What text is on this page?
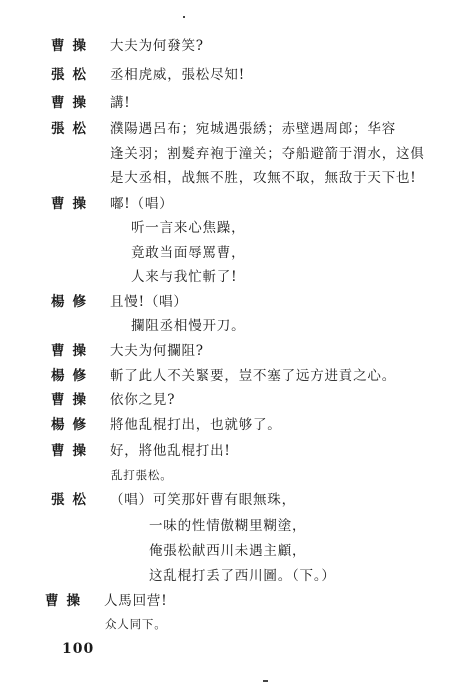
曹操	大夫为何發笑?
張松	丞相虎威，張松尽知!
曹操	講!
張松	濮陽遇呂布；宛城遇張綉；赤壁遇周郎；华容
逢关羽；割髮弃袍于潼关；夺船避箭于渭水，这俱
是大丞相，战無不胜，攻無不取，無敌于天下也!
曹操	嘟!（唱）
听一言来心焦躁，
竟敢当面辱罵曹，
人来与我忙斬了!
楊修	且慢!（唱）
攔阻丞相慢开刀。
曹操	大夫为何攔阻?
楊修	斬了此人不关緊要，豈不塞了远方进貢之心。
曹操	依你之見?
楊修	將他乱棍打出，也就够了。
曹操	好，將他乱棍打出!
乱打張松。
張松	（唱）可笑那奸曹有眼無珠，
一味的性情傲糊里糊塗，
俺張松献西川未遇主顧，
这乱棍打丢了西川圖。（下。）
曹操	人馬回营!
众人同下。
100
